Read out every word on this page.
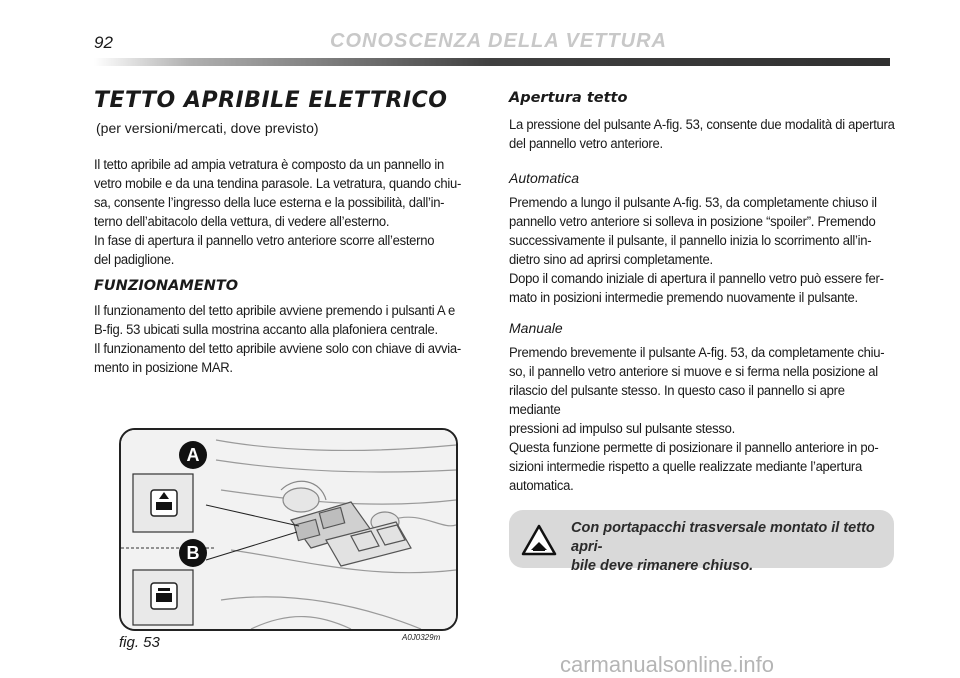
92	CONOSCENZA DELLA VETTURA
TETTO APRIBILE ELETTRICO
(per versioni/mercati, dove previsto)

Il tetto apribile ad ampia vetratura è composto da un pannello in

vetro mobile e da una tendina parasole. La vetratura, quando chiu-

sa, consente l’ingresso della luce esterna e la possibilità, dall’in-

terno dell’abitacolo della vettura, di vedere all’esterno.

In fase di apertura il pannello vetro anteriore scorre all’esterno

del padiglione.

FUNZIONAMENTO

Il funzionamento del tetto apribile avviene premendo i pulsanti A e

B-fig. 53 ubicati sulla mostrina accanto alla plafoniera centrale.

Il funzionamento del tetto apribile avviene solo con chiave di avvia-

mento in posizione MAR.

A
B
fig. 53	A0J0329m
Apertura tetto

La pressione del pulsante A-fig. 53, consente due modalità di apertura

del pannello vetro anteriore.

Automatica

Premendo a lungo il pulsante A-fig. 53, da completamente chiuso il

pannello vetro anteriore si solleva in posizione “spoiler”. Premendo

successivamente il pulsante, il pannello inizia lo scorrimento all’in-

dietro sino ad aprirsi completamente.

Dopo il comando iniziale di apertura il pannello vetro può essere fer-

mato in posizioni intermedie premendo nuovamente il pulsante.

Manuale

Premendo brevemente il pulsante A-fig. 53, da completamente chiu-

so, il pannello vetro anteriore si muove e si ferma nella posizione al

rilascio del pulsante stesso. In questo caso il pannello si apre mediante

pressioni ad impulso sul pulsante stesso.

Questa funzione permette di posizionare il pannello anteriore in po-

sizioni intermedie rispetto a quelle realizzate mediante l’apertura

automatica.

Con portapacchi trasversale montato il tetto apri-
bile deve rimanere chiuso.
carmanualsonline.info
